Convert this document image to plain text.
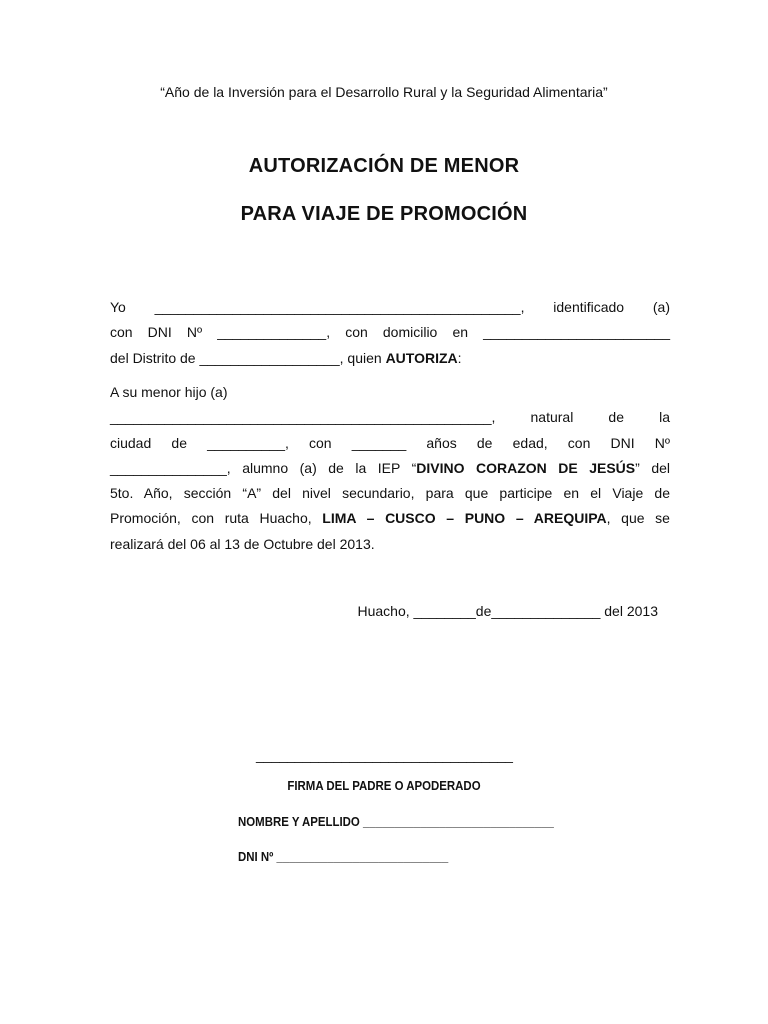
“Año de la Inversión para el Desarrollo Rural y la Seguridad Alimentaria”
AUTORIZACIÓN DE MENOR
PARA VIAJE DE PROMOCIÓN
Yo _______________________________________________, identificado (a)
con DNI Nº ______________, con domicilio en ________________________
del Distrito de __________________, quien AUTORIZA:
A su menor hijo (a)
_________________________________________________, natural de la
ciudad de __________, con _______ años de edad, con DNI Nº
_______________, alumno (a) de la IEP “DIVINO CORAZON DE JESÚS” del
5to. Año, sección “A” del nivel secundario, para que participe en el Viaje de
Promoción, con ruta Huacho, LIMA – CUSCO – PUNO – AREQUIPA, que se
realizará del 06 al 13 de Octubre del 2013.
Huacho, ________de______________ del 2013
_________________________________
FIRMA DEL PADRE O APODERADO
NOMBRE Y APELLIDO ______________________________
DNI Nº ___________________________
